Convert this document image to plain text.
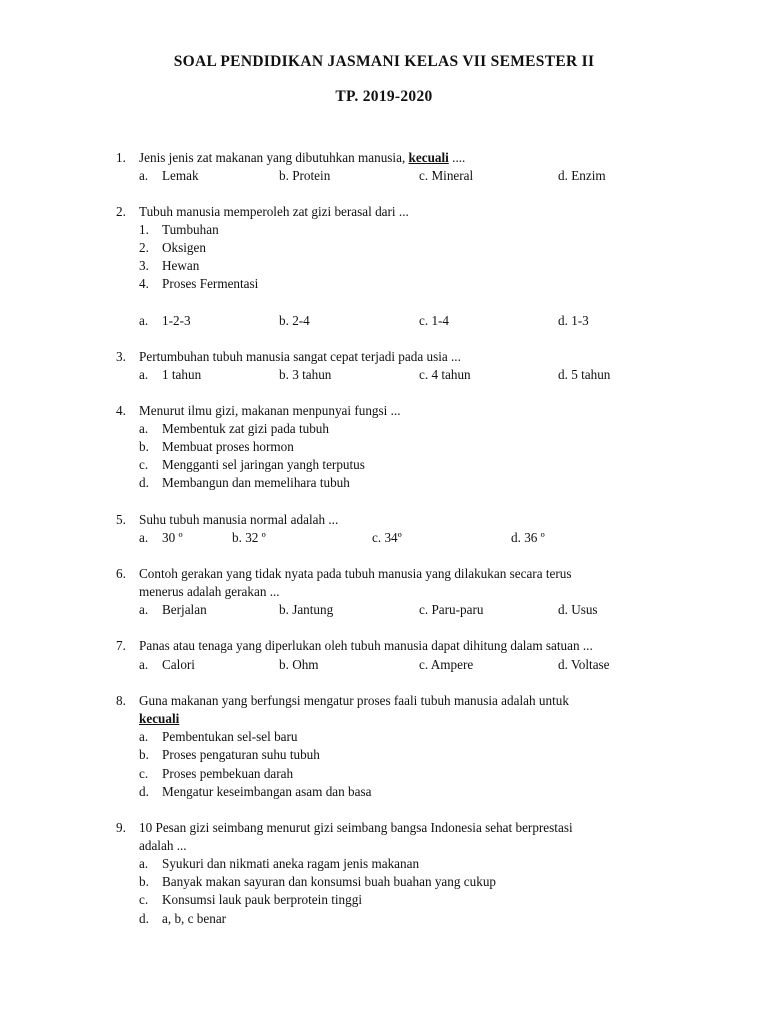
SOAL PENDIDIKAN JASMANI KELAS VII SEMESTER II
TP. 2019-2020
1. Jenis jenis zat makanan yang dibutuhkan manusia, kecuali ....
a. Lemak	b. Protein	c. Mineral	d. Enzim
2. Tubuh manusia memperoleh zat gizi berasal dari ...
1. Tumbuhan
2. Oksigen
3. Hewan
4. Proses Fermentasi
a. 1-2-3	b. 2-4	c. 1-4	d. 1-3
3. Pertumbuhan tubuh manusia sangat cepat terjadi pada usia ...
a. 1 tahun	b. 3 tahun	c. 4 tahun	d. 5 tahun
4. Menurut ilmu gizi, makanan menpunyai fungsi ...
a. Membentuk zat gizi pada tubuh
b. Membuat proses hormon
c. Mengganti sel jaringan yangh terputus
d. Membangun dan memelihara tubuh
5. Suhu tubuh manusia normal adalah ...
a. 30 º	b. 32 º	c. 34º	d. 36 º
6. Contoh gerakan yang tidak nyata pada tubuh manusia yang dilakukan secara terus
menerus adalah gerakan ...
a. Berjalan	b. Jantung	c. Paru-paru	d. Usus
7. Panas atau tenaga yang diperlukan oleh tubuh manusia dapat dihitung dalam satuan ...
a. Calori	b. Ohm	c. Ampere	d. Voltase
8. Guna makanan yang berfungsi mengatur proses faali tubuh manusia adalah untuk
kecuali
a. Pembentukan sel-sel baru
b. Proses pengaturan suhu tubuh
c. Proses pembekuan darah
d. Mengatur keseimbangan asam dan basa
9. 10 Pesan gizi seimbang menurut gizi seimbang bangsa Indonesia sehat berprestasi
adalah ...
a. Syukuri dan nikmati aneka ragam jenis makanan
b. Banyak makan sayuran dan konsumsi buah buahan yang cukup
c. Konsumsi lauk pauk berprotein tinggi
d. a, b, c benar
